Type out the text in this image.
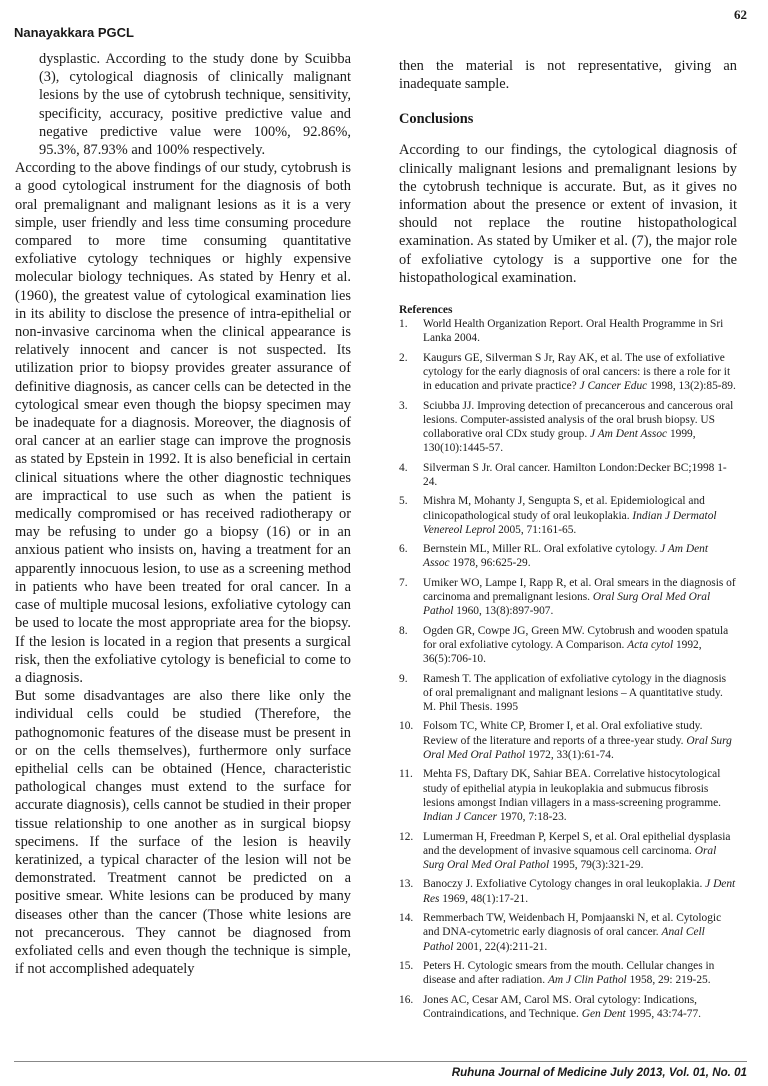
Nanayakkara PGCL
62

dysplastic. According to the study done by Scuibba (3), cytological diagnosis of clinically malignant lesions by the use of cytobrush technique, sensitivity, specificity, accuracy, positive predictive value and negative predictive value were 100%, 92.86%, 95.3%, 87.93% and 100% respectively.

According to the above findings of our study, cytobrush is a good cytological instrument for the diagnosis of both oral premalignant and malignant lesions as it is a very simple, user friendly and less time consuming procedure compared to more time consuming quantitative exfoliative cytology techniques or highly expensive molecular biology techniques. As stated by Henry et al. (1960), the greatest value of cytological examination lies in its ability to disclose the presence of intra-epithelial or non-invasive carcinoma when the clinical appearance is relatively innocent and cancer is not suspected. Its utilization prior to biopsy provides greater assurance of definitive diagnosis, as cancer cells can be detected in the cytological smear even though the biopsy specimen may be inadequate for a diagnosis. Moreover, the diagnosis of oral cancer at an earlier stage can improve the prognosis as stated by Epstein in 1992. It is also beneficial in certain clinical situations where the other diagnostic techniques are impractical to use such as when the patient is medically compromised or has received radiotherapy or may be refusing to under go a biopsy (16) or in an anxious patient who insists on, having a treatment for an apparently innocuous lesion, to use as a screening method in patients who have been treated for oral cancer. In a case of multiple mucosal lesions, exfoliative cytology can be used to locate the most appropriate area for the biopsy. If the lesion is located in a region that presents a surgical risk, then the exfoliative cytology is beneficial to come to a diagnosis.

But some disadvantages are also there like only the individual cells could be studied (Therefore, the pathognomonic features of the disease must be present in or on the cells themselves), furthermore only surface epithelial cells can be obtained (Hence, characteristic pathological changes must extend to the surface for accurate diagnosis), cells cannot be studied in their proper tissue relationship to one another as in surgical biopsy specimens. If the surface of the lesion is heavily keratinized, a typical character of the lesion will not be demonstrated. Treatment cannot be predicted on a positive smear. White lesions can be produced by many diseases other than the cancer (Those white lesions are not precancerous. They cannot be diagnosed from exfoliated cells and even though the technique is simple, if not accomplished adequately

then the material is not representative, giving an inadequate sample.

Conclusions

According to our findings, the cytological diagnosis of clinically malignant lesions and premalignant lesions by the cytobrush technique is accurate. But, as it gives no information about the presence or extent of invasion, it should not replace the routine histopathological examination. As stated by Umiker et al. (7), the major role of exfoliative cytology is a supportive one for the histopathological examination.

References
1.	World Health Organization Report. Oral Health Programme in Sri Lanka 2004.
2.	Kaugurs GE, Silverman S Jr, Ray AK, et al. The use of exfoliative cytology for the early diagnosis of oral cancers: is there a role for it in education and private practice? J Cancer Educ 1998, 13(2):85-89.
3.	Sciubba JJ. Improving detection of precancerous and cancerous oral lesions. Computer-assisted analysis of the oral brush biopsy. US collaborative oral CDx study group. J Am Dent Assoc 1999, 130(10):1445-57.
4.	Silverman S Jr. Oral cancer. Hamilton London:Decker BC;1998 1-24.
5.	Mishra M, Mohanty J, Sengupta S, et al. Epidemiological and clinicopathological study of oral leukoplakia. Indian J Dermatol Venereol Leprol 2005, 71:161-65.
6.	Bernstein ML, Miller RL. Oral exfolative cytology. J Am Dent Assoc 1978, 96:625-29.
7.	Umiker WO, Lampe I, Rapp R, et al. Oral smears in the diagnosis of carcinoma and premalignant lesions. Oral Surg Oral Med Oral Pathol 1960, 13(8):897-907.
8.	Ogden GR, Cowpe JG, Green MW. Cytobrush and wooden spatula for oral exfoliative cytology. A Comparison. Acta cytol 1992, 36(5):706-10.
9.	Ramesh T. The application of exfoliative cytology in the diagnosis of oral premalignant and malignant lesions – A quantitative study. M. Phil Thesis. 1995
10. Folsom TC, White CP, Bromer I, et al. Oral exfoliative study. Review of the literature and reports of a three-year study. Oral Surg Oral Med Oral Pathol 1972, 33(1):61-74.
11. Mehta FS, Daftary DK, Sahiar BEA. Correlative histocytological study of epithelial atypia in leukoplakia and submucus fibrosis lesions amongst Indian villagers in a mass-screening programme. Indian J Cancer 1970, 7:18-23.
12. Lumerman H, Freedman P, Kerpel S, et al. Oral epithelial dysplasia and the development of invasive squamous cell carcinoma. Oral Surg Oral Med Oral Pathol 1995, 79(3):321-29.
13. Banoczy J. Exfoliative Cytology changes in oral leukoplakia. J Dent Res 1969, 48(1):17-21.
14. Remmerbach TW, Weidenbach H, Pomjaanski N, et al. Cytologic and DNA-cytometric early diagnosis of oral cancer. Anal Cell Pathol 2001, 22(4):211-21.
15. Peters H. Cytologic smears from the mouth. Cellular changes in disease and after radiation. Am J Clin Pathol 1958, 29: 219-25.
16. Jones AC, Cesar AM, Carol MS. Oral cytology: Indications, Contraindications, and Technique. Gen Dent 1995, 43:74-77.
Ruhuna Journal of Medicine July 2013, Vol. 01, No. 01
